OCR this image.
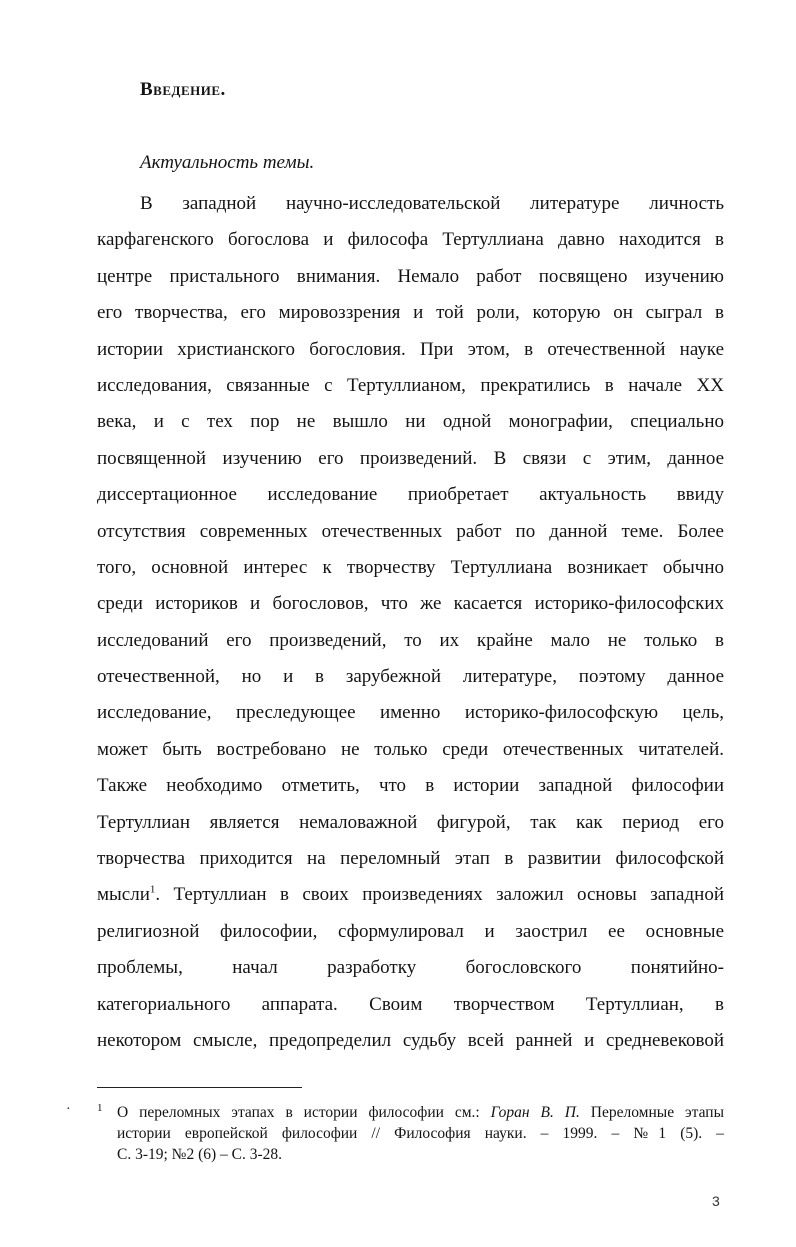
Введение.
Актуальность темы.
В западной научно-исследовательской литературе личность
карфагенского богослова и философа Тертуллиана давно находится в
центре пристального внимания. Немало работ посвящено изучению
его творчества, его мировоззрения и той роли, которую он сыграл в
истории христианского богословия. При этом, в отечественной науке
исследования, связанные с Тертуллианом, прекратились в начале XX
века, и с тех пор не вышло ни одной монографии, специально
посвященной изучению его произведений. В связи с этим, данное
диссертационное исследование приобретает актуальность ввиду
отсутствия современных отечественных работ по данной теме. Более
того, основной интерес к творчеству Тертуллиана возникает обычно
среди историков и богословов, что же касается историко-философских
исследований его произведений, то их крайне мало не только в
отечественной, но и в зарубежной литературе, поэтому данное
исследование, преследующее именно историко-философскую цель,
может быть востребовано не только среди отечественных читателей.
Также необходимо отметить, что в истории западной философии
Тертуллиан является немаловажной фигурой, так как период его
творчества приходится на переломный этап в развитии философской
мысли$^1$. Тертуллиан в своих произведениях заложил основы западной
религиозной философии, сформулировал и заострил ее основные
проблемы, начал разработку богословского понятийно-
категориального аппарата. Своим творчеством Тертуллиан, в
некотором смысле, предопределил судьбу всей ранней и средневековой
· 1 О переломных этапах в истории философии см.: Горан В. П. Переломные этапы
истории европейской философии // Философия науки. – 1999. – №1 (5). –
С. 3-19; №2 (6) – С. 3-28.
3
